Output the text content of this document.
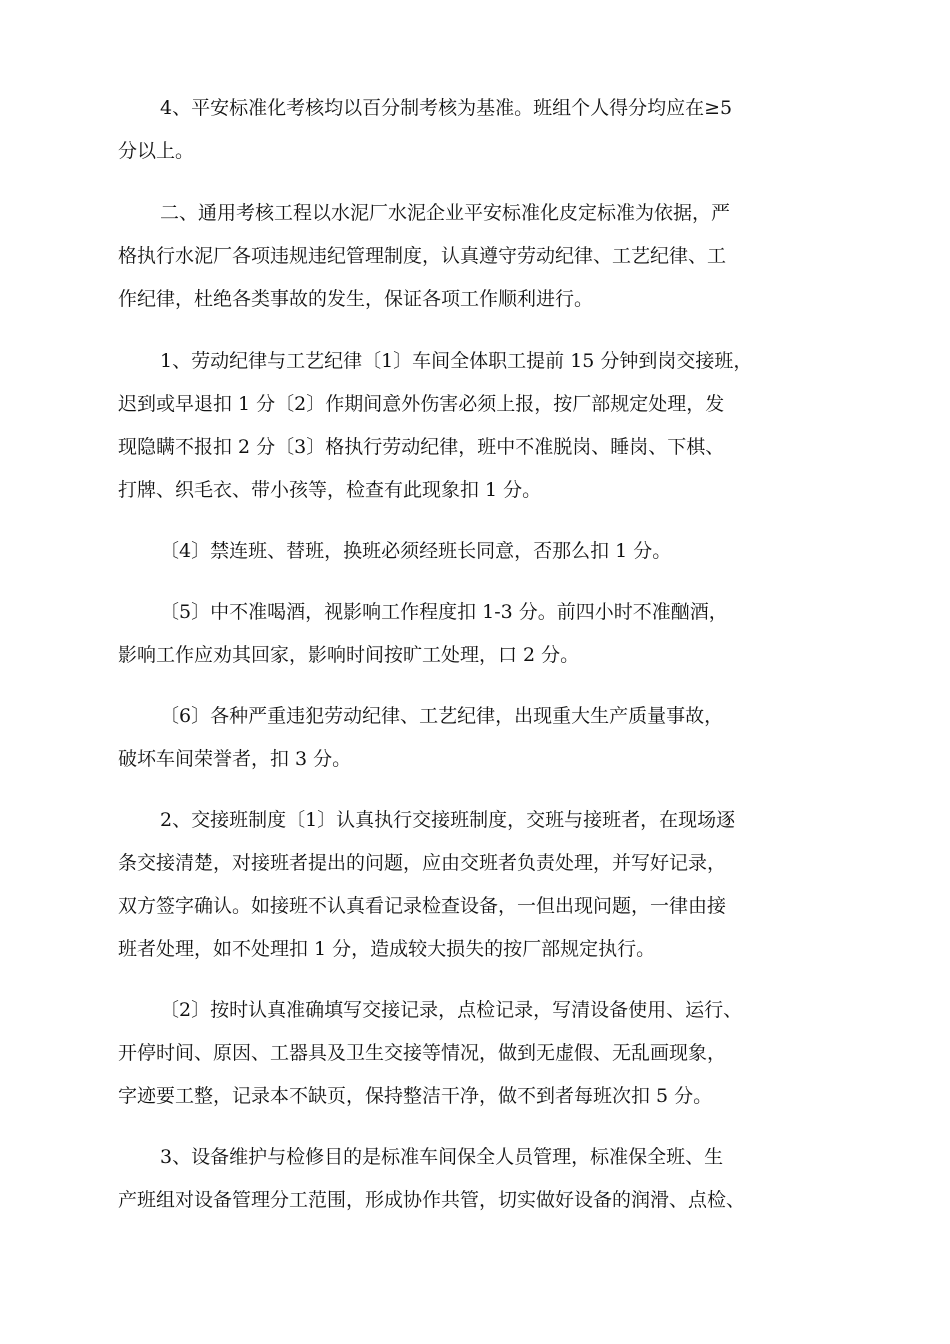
4、平安标准化考核均以百分制考核为基准。班组个人得分均应在≥5
分以上。

二、通用考核工程以水泥厂水泥企业平安标准化皮定标准为依据，严
格执行水泥厂各项违规违纪管理制度，认真遵守劳动纪律、工艺纪律、工
作纪律，杜绝各类事故的发生，保证各项工作顺利进行。

1、劳动纪律与工艺纪律〔1〕车间全体职工提前 15 分钟到岗交接班，
迟到或早退扣 1 分〔2〕作期间意外伤害必须上报，按厂部规定处理，发
现隐瞒不报扣 2 分〔3〕格执行劳动纪律，班中不准脱岗、睡岗、下棋、
打牌、织毛衣、带小孩等，检查有此现象扣 1 分。

〔4〕禁连班、替班，换班必须经班长同意，否那么扣 1 分。

〔5〕中不准喝酒，视影响工作程度扣 1-3 分。前四小时不准酗酒，
影响工作应劝其回家，影响时间按旷工处理，口 2 分。

〔6〕各种严重违犯劳动纪律、工艺纪律，出现重大生产质量事故，
破坏车间荣誉者，扣 3 分。

2、交接班制度〔1〕认真执行交接班制度，交班与接班者，在现场逐
条交接清楚，对接班者提出的问题，应由交班者负责处理，并写好记录，
双方签字确认。如接班不认真看记录检查设备，一但出现问题，一律由接
班者处理，如不处理扣 1 分，造成较大损失的按厂部规定执行。

〔2〕按时认真准确填写交接记录，点检记录，写清设备使用、运行、
开停时间、原因、工器具及卫生交接等情况，做到无虚假、无乱画现象，
字迹要工整，记录本不缺页，保持整洁干净，做不到者每班次扣 5 分。

3、设备维护与检修目的是标准车间保全人员管理，标准保全班、生
产班组对设备管理分工范围，形成协作共管，切实做好设备的润滑、点检、
